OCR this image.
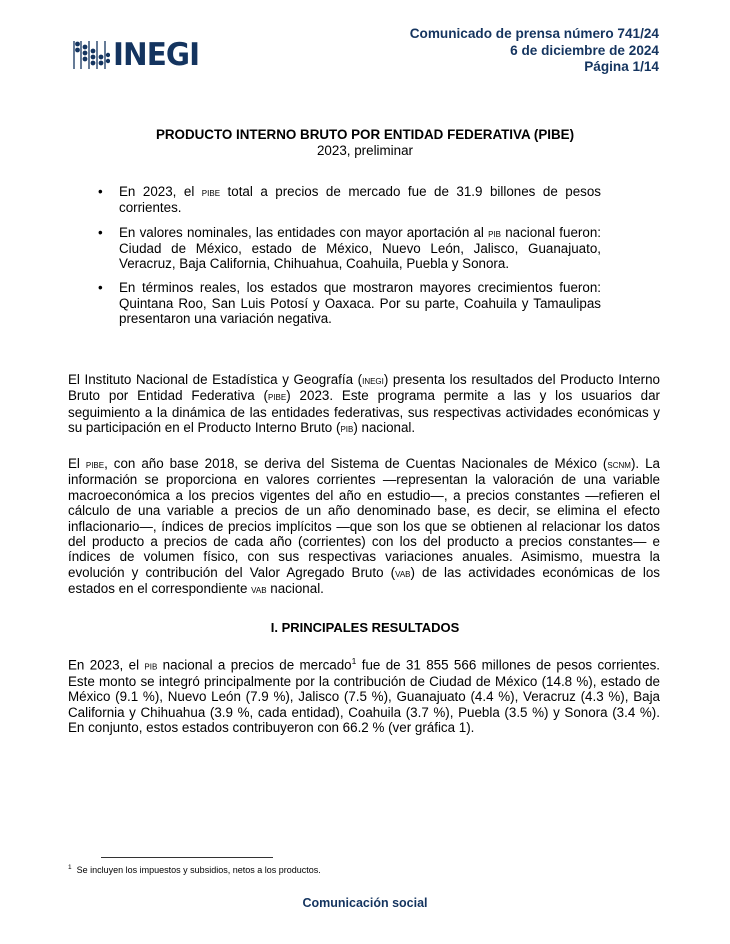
INEGI
Comunicado de prensa número 741/24
6 de diciembre de 2024
Página 1/14
PRODUCTO INTERNO BRUTO POR ENTIDAD FEDERATIVA (PIBE)
2023, preliminar
• En 2023, el pibe total a precios de mercado fue de 31.9 billones de pesos corrientes.
• En valores nominales, las entidades con mayor aportación al pib nacional fueron: Ciudad de México, estado de México, Nuevo León, Jalisco, Guanajuato, Veracruz, Baja California, Chihuahua, Coahuila, Puebla y Sonora.
• En términos reales, los estados que mostraron mayores crecimientos fueron: Quintana Roo, San Luis Potosí y Oaxaca. Por su parte, Coahuila y Tamaulipas presentaron una variación negativa.

El Instituto Nacional de Estadística y Geografía (inegi) presenta los resultados del Producto Interno Bruto por Entidad Federativa (pibe) 2023. Este programa permite a las y los usuarios dar seguimiento a la dinámica de las entidades federativas, sus respectivas actividades económicas y su participación en el Producto Interno Bruto (pib) nacional.

El pibe, con año base 2018, se deriva del Sistema de Cuentas Nacionales de México (scnm). La información se proporciona en valores corrientes —representan la valoración de una variable macroeconómica a los precios vigentes del año en estudio—, a precios constantes —refieren el cálculo de una variable a precios de un año denominado base, es decir, se elimina el efecto inflacionario—, índices de precios implícitos —que son los que se obtienen al relacionar los datos del producto a precios de cada año (corrientes) con los del producto a precios constantes— e índices de volumen físico, con sus respectivas variaciones anuales. Asimismo, muestra la evolución y contribución del Valor Agregado Bruto (vab) de las actividades económicas de los estados en el correspondiente vab nacional.

I. PRINCIPALES RESULTADOS

En 2023, el pib nacional a precios de mercado$^1$ fue de 31 855 566 millones de pesos corrientes. Este monto se integró principalmente por la contribución de Ciudad de México (14.8 %), estado de México (9.1 %), Nuevo León (7.9 %), Jalisco (7.5 %), Guanajuato (4.4 %), Veracruz (4.3 %), Baja California y Chihuahua (3.9 %, cada entidad), Coahuila (3.7 %), Puebla (3.5 %) y Sonora (3.4 %). En conjunto, estos estados contribuyeron con 66.2 % (ver gráfica 1).

$^1$ Se incluyen los impuestos y subsidios, netos a los productos.
Comunicación social
